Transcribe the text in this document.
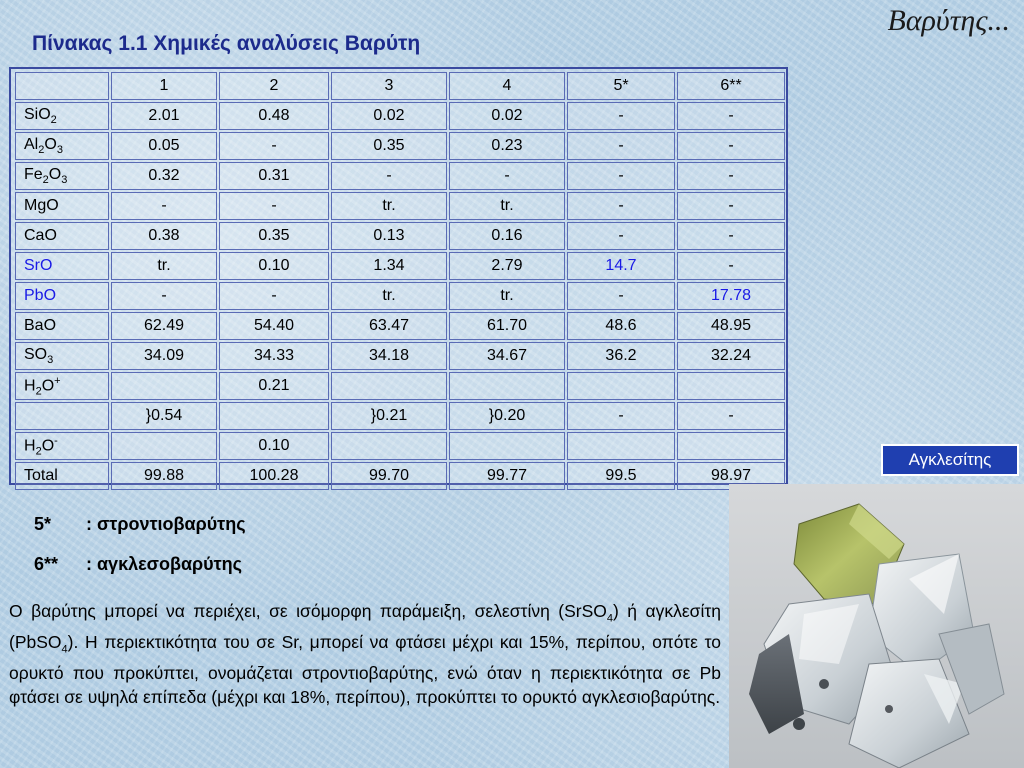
Βαρύτης...
Πίνακας 1.1 Χημικές αναλύσεις Βαρύτη
	1	2	3	4	5*	6**
SiO$_2$	2.01	0.48	0.02	0.02	-	-
$Al_2O_3$	0.05	-	0.35	0.23	-	-
$Fe_2O_3$	0.32	0.31	-	-	-	-
MgO	-	-	tr.	tr.	-	-
CaO	0.38	0.35	0.13	0.16	-	-
SrO	tr.	0.10	1.34	2.79	14.7	-
PbO	-	-	tr.	tr.	-	17.78
BaO	62.49	54.40	63.47	61.70	48.6	48.95
$SO_3$	34.09	34.33	34.18	34.67	36.2	32.24
$H_2O^+$		0.21				
	}0.54		}0.21	}0.20	-	-
$H_2O^-$		0.10				
Total	99.88	100.28	99.70	99.77	99.5	98.97
5* : στροντιοβαρύτης
6** : αγκλεσοβαρύτης
Ο βαρύτης μπορεί να περιέχει, σε ισόμορφη παράμειξη, σελεστίνη (SrSO$_4$) ή αγκλεσίτη (PbSO$_4$). Η περιεκτικότητα του σε Sr, μπορεί να φτάσει μέχρι και 15%, περίπου, οπότε το ορυκτό που προκύπτει, ονομάζεται στροντιοβαρύτης, ενώ όταν η περιεκτικότητα σε Pb φτάσει σε υψηλά επίπεδα (μέχρι και 18%, περίπου), προκύπτει το ορυκτό αγκλεσιοβαρύτης.
Αγκλεσίτης
